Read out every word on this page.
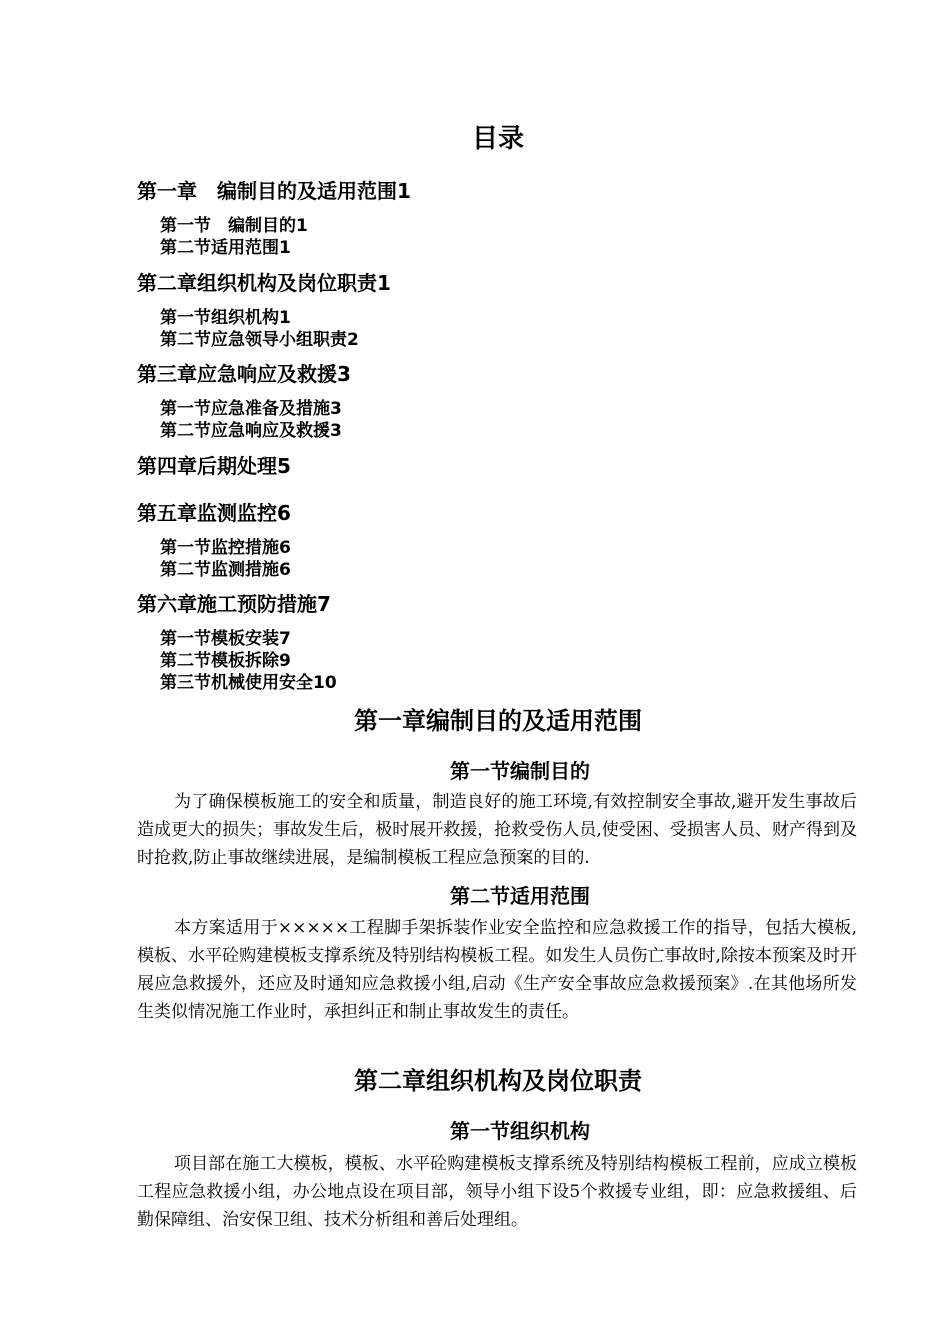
目录
第一章　编制目的及适用范围1
第一节　编制目的1
第二节适用范围1
第二章组织机构及岗位职责1
第一节组织机构1
第二节应急领导小组职责2
第三章应急响应及救援3
第一节应急准备及措施3
第二节应急响应及救援3
第四章后期处理5
第五章监测监控6
第一节监控措施6
第二节监测措施6
第六章施工预防措施7
第一节模板安装7
第二节模板拆除9
第三节机械使用安全10
第一章编制目的及适用范围
第一节编制目的

为了确保模板施工的安全和质量，制造良好的施工环境,有效控制安全事故,避开发生事故后造成更大的损失；事故发生后，极时展开救援，抢救受伤人员,使受困、受损害人员、财产得到及时抢救,防止事故继续进展，是编制模板工程应急预案的目的.

第二节适用范围

本方案适用于×××××工程脚手架拆装作业安全监控和应急救援工作的指导，包括大模板,模板、水平砼购建模板支撑系统及特别结构模板工程。如发生人员伤亡事故时,除按本预案及时开展应急救援外，还应及时通知应急救援小组,启动《生产安全事故应急救援预案》.在其他场所发生类似情况施工作业时，承担纠正和制止事故发生的责任。

第二章组织机构及岗位职责
第一节组织机构

项目部在施工大模板，模板、水平砼购建模板支撑系统及特别结构模板工程前，应成立模板工程应急救援小组，办公地点设在项目部，领导小组下设5个救援专业组，即：应急救援组、后勤保障组、治安保卫组、技术分析组和善后处理组。
